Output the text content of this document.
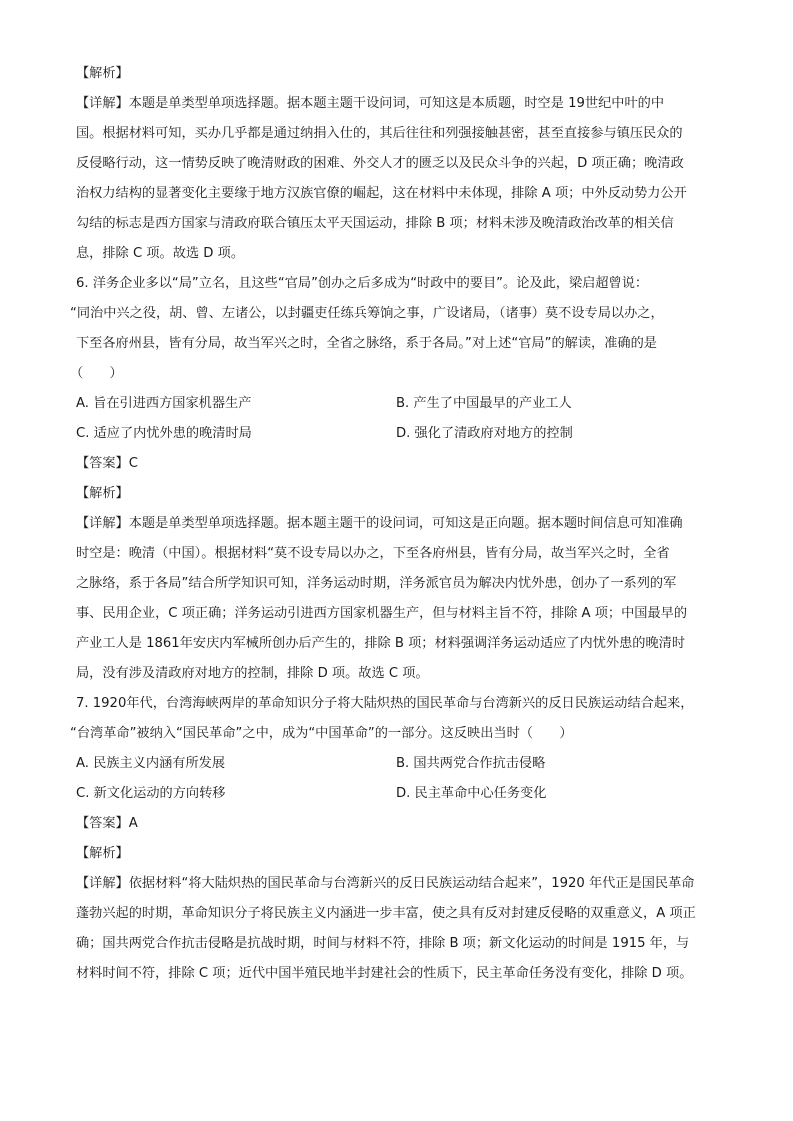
【解析】
【详解】本题是单类型单项选择题。据本题主题干设问词，可知这是本质题，时空是 19世纪中叶的中
国。根据材料可知，买办几乎都是通过纳捐入仕的，其后往往和列强接触甚密，甚至直接参与镇压民众的
反侵略行动，这一情势反映了晚清财政的困难、外交人才的匮乏以及民众斗争的兴起，D 项正确；晚清政
治权力结构的显著变化主要缘于地方汉族官僚的崛起，这在材料中未体现，排除 A 项；中外反动势力公开
勾结的标志是西方国家与清政府联合镇压太平天国运动，排除 B 项；材料未涉及晚清政治改革的相关信
息，排除 C 项。故选 D 项。
6. 洋务企业多以“局”立名，且这些“官局”创办之后多成为“时政中的要目”。论及此，梁启超曾说：
“同治中兴之役，胡、曾、左诸公，以封疆吏任练兵筹饷之事，广设诸局，（诸事）莫不设专局以办之，
下至各府州县，皆有分局，故当军兴之时，全省之脉络，系于各局。”对上述“官局”的解读，准确的是
（　　）
A. 旨在引进西方国家机器生产	B. 产生了中国最早的产业工人
C. 适应了内忧外患的晚清时局	D. 强化了清政府对地方的控制
【答案】C
【解析】
【详解】本题是单类型单项选择题。据本题主题干的设问词，可知这是正向题。据本题时间信息可知准确
时空是：晚清（中国）。根据材料“莫不设专局以办之，下至各府州县，皆有分局，故当军兴之时，全省
之脉络，系于各局”结合所学知识可知，洋务运动时期，洋务派官员为解决内忧外患，创办了一系列的军
事、民用企业，C 项正确；洋务运动引进西方国家机器生产，但与材料主旨不符，排除 A 项；中国最早的
产业工人是 1861年安庆内军械所创办后产生的，排除 B 项；材料强调洋务运动适应了内忧外患的晚清时
局，没有涉及清政府对地方的控制，排除 D 项。故选 C 项。
7. 1920年代，台湾海峡两岸的革命知识分子将大陆炽热的国民革命与台湾新兴的反日民族运动结合起来，
“台湾革命”被纳入“国民革命”之中，成为“中国革命”的一部分。这反映出当时（　　）
A. 民族主义内涵有所发展	B. 国共两党合作抗击侵略
C. 新文化运动的方向转移	D. 民主革命中心任务变化
【答案】A
【解析】
【详解】依据材料“将大陆炽热的国民革命与台湾新兴的反日民族运动结合起来”，1920 年代正是国民革命
蓬勃兴起的时期，革命知识分子将民族主义内涵进一步丰富，使之具有反对封建反侵略的双重意义，A 项正
确；国共两党合作抗击侵略是抗战时期，时间与材料不符，排除 B 项；新文化运动的时间是 1915 年，与
材料时间不符，排除 C 项；近代中国半殖民地半封建社会的性质下，民主革命任务没有变化，排除 D 项。
